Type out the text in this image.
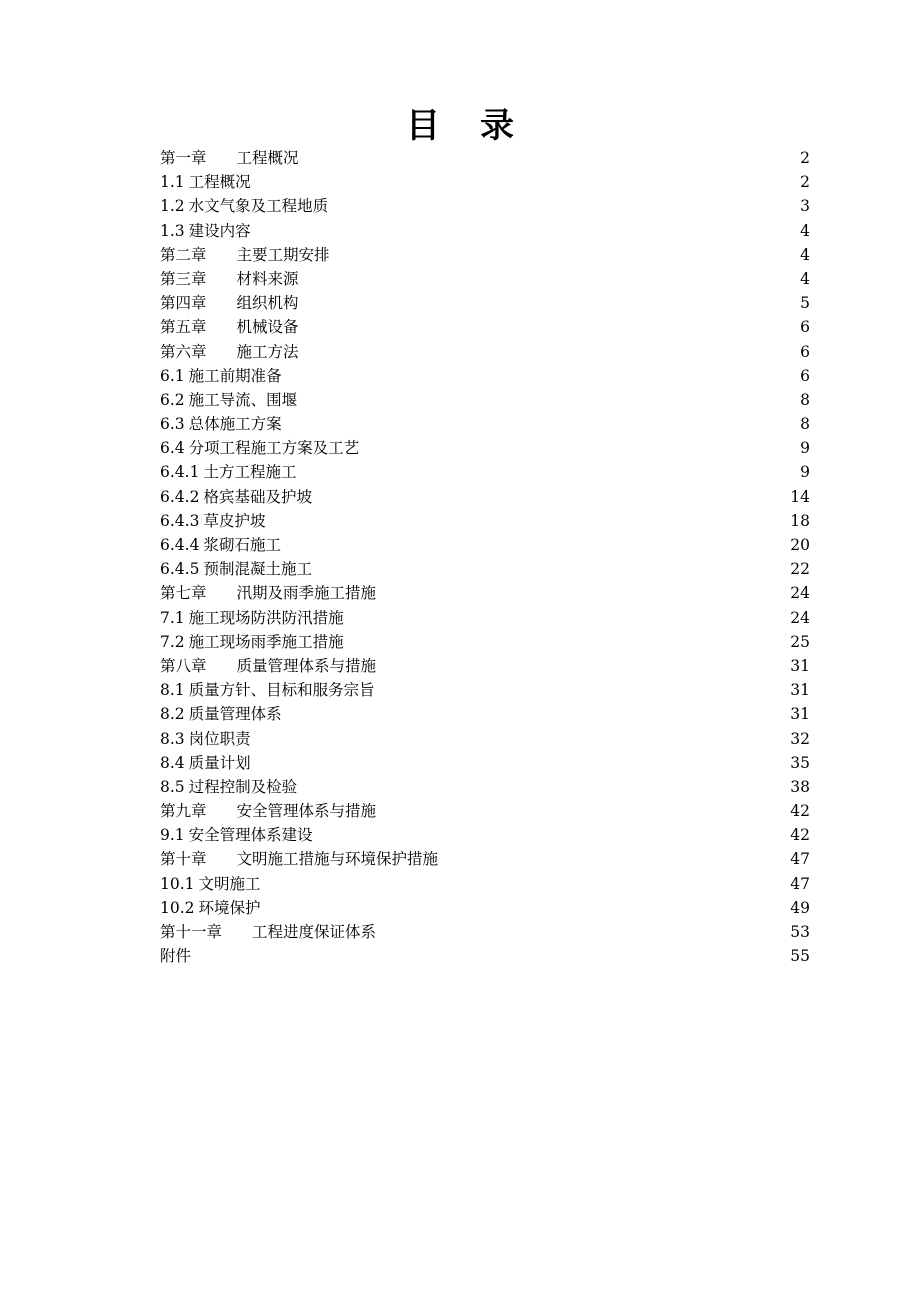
目录
第一章 工程概况	2
1.1 工程概况	2
1.2 水文气象及工程地质	3
1.3 建设内容	4
第二章 主要工期安排	4
第三章 材料来源	4
第四章 组织机构	5
第五章 机械设备	6
第六章 施工方法	6
6.1 施工前期准备	6
6.2 施工导流、围堰	8
6.3 总体施工方案	8
6.4 分项工程施工方案及工艺	9
6.4.1 土方工程施工	9
6.4.2 格宾基础及护坡	14
6.4.3 草皮护坡	18
6.4.4 浆砌石施工	20
6.4.5 预制混凝土施工	22
第七章 汛期及雨季施工措施	24
7.1 施工现场防洪防汛措施	24
7.2 施工现场雨季施工措施	25
第八章 质量管理体系与措施	31
8.1 质量方针、目标和服务宗旨	31
8.2 质量管理体系	31
8.3 岗位职责	32
8.4 质量计划	35
8.5 过程控制及检验	38
第九章 安全管理体系与措施	42
9.1 安全管理体系建设	42
第十章 文明施工措施与环境保护措施	47
10.1 文明施工	47
10.2 环境保护	49
第十一章 工程进度保证体系	53
附件	55
